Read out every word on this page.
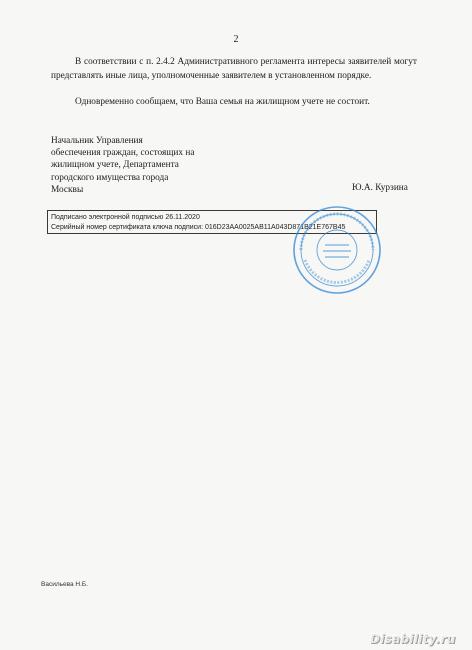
2

В соответствии с п. 2.4.2 Административного регламента интересы заявителей могут представлять иные лица, уполномоченные заявителем в установленном порядке.

Одновременно сообщаем, что Ваша семья на жилищном учете не состоит.

Начальник Управления
обеспечения граждан, состоящих на
жилищном учете, Департамента
городского имущества города
Москвы	Ю.А. Курзина
Подписано электронной подписью 26.11.2020
Серийный номер сертификата ключа подписи: 016D23AA0025AB11A043D871B21E767B45
Васильева Н.Б.
Disability.ru
